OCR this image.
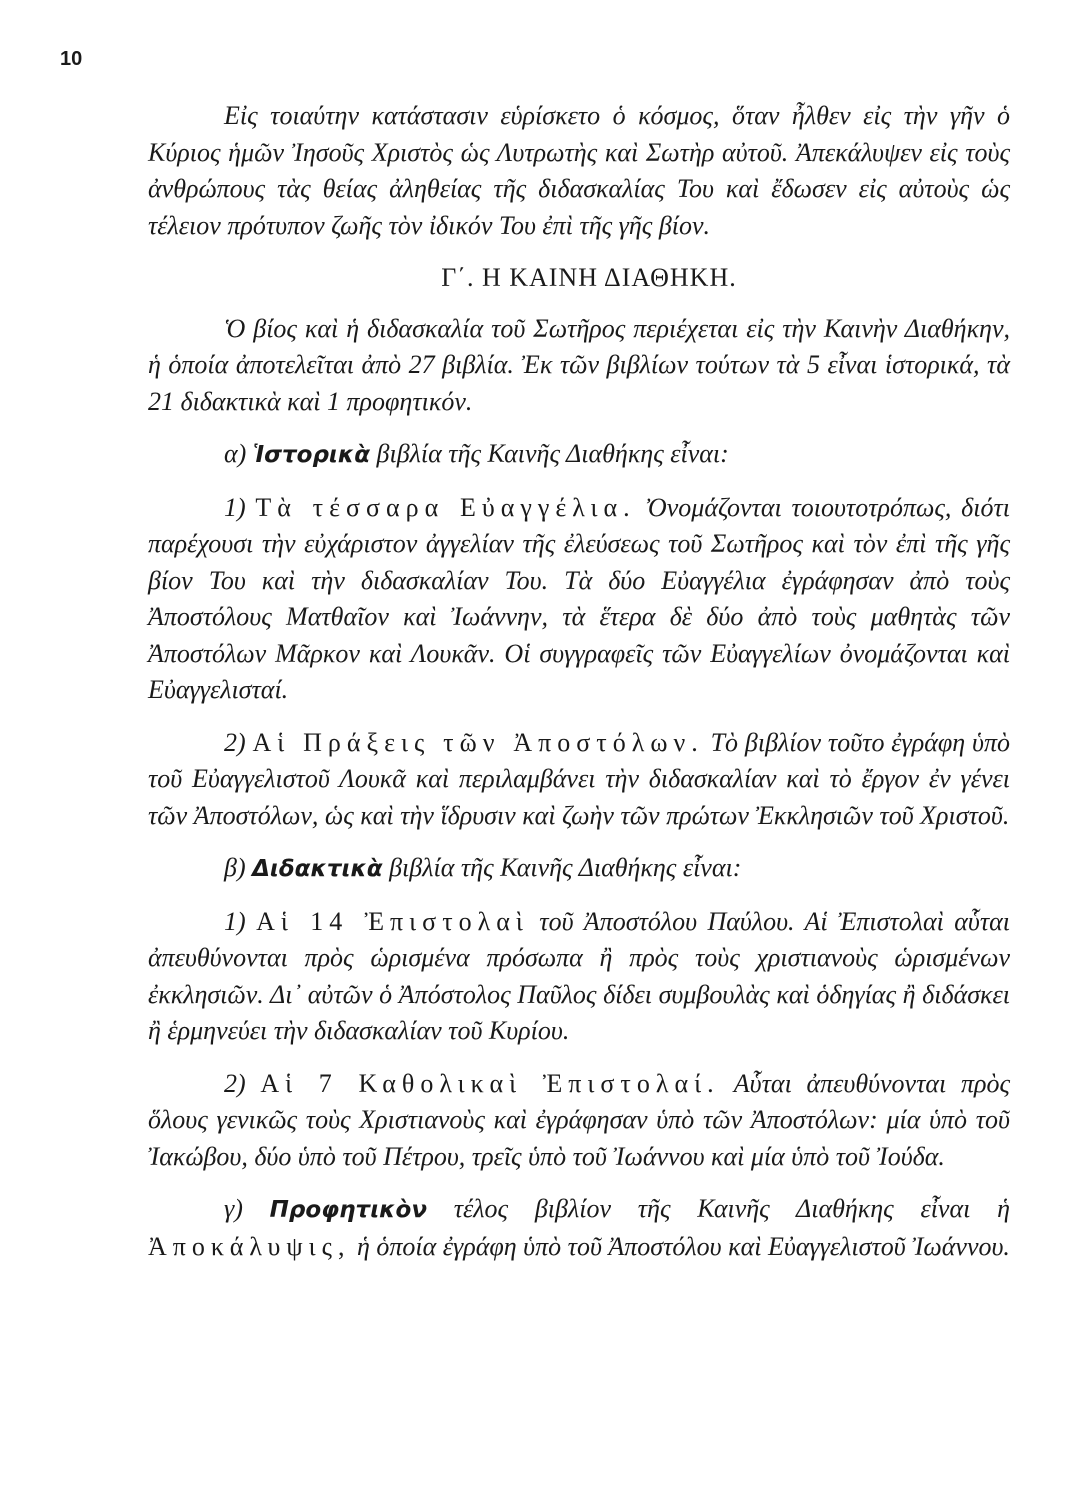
10

Εἰς τοιαύτην κατάστασιν εὑρίσκετο ὁ κόσμος, ὅταν ἦλθεν εἰς τὴν γῆν ὁ Κύριος ἡμῶν Ἰησοῦς Χριστὸς ὡς Λυτρωτὴς καὶ Σωτὴρ αὐτοῦ. Ἀπεκάλυψεν εἰς τοὺς ἀνθρώπους τὰς θείας ἀληθείας τῆς διδασκαλίας Του καὶ ἔδωσεν εἰς αὐτοὺς ὡς τέλειον πρότυπον ζωῆς τὸν ἰδικόν Του ἐπὶ τῆς γῆς βίον.

Γ΄. Η ΚΑΙΝΗ ΔΙΑΘΗΚΗ.

Ὁ βίος καὶ ἡ διδασκαλία τοῦ Σωτῆρος περιέχεται εἰς τὴν Καινὴν Διαθήκην, ἡ ὁποία ἀποτελεῖται ἀπὸ 27 βιβλία. Ἐκ τῶν βιβλίων τούτων τὰ 5 εἶναι ἱστορικά, τὰ 21 διδακτικὰ καὶ 1 προφητικόν.

α) Ἱστορικὰ βιβλία τῆς Καινῆς Διαθήκης εἶναι:

1) Τὰ τέσσαρα Εὐαγγέλια. Ὀνομάζονται τοιουτοτρόπως, διότι παρέχουσι τὴν εὐχάριστον ἀγγελίαν τῆς ἐλεύσεως τοῦ Σωτῆρος καὶ τὸν ἐπὶ τῆς γῆς βίον Του καὶ τὴν διδασκαλίαν Του. Τὰ δύο Εὐαγγέλια ἐγράφησαν ἀπὸ τοὺς Ἀποστόλους Ματθαῖον καὶ Ἰωάννην, τὰ ἕτερα δὲ δύο ἀπὸ τοὺς μαθητὰς τῶν Ἀποστόλων Μᾶρκον καὶ Λουκᾶν. Οἱ συγγραφεῖς τῶν Εὐαγγελίων ὀνομάζονται καὶ Εὐαγγελισταί.

2) Αἱ Πράξεις τῶν Ἀποστόλων. Τὸ βιβλίον τοῦτο ἐγράφη ὑπὸ τοῦ Εὐαγγελιστοῦ Λουκᾶ καὶ περιλαμβάνει τὴν διδασκαλίαν καὶ τὸ ἔργον ἐν γένει τῶν Ἀποστόλων, ὡς καὶ τὴν ἵδρυσιν καὶ ζωὴν τῶν πρώτων Ἐκκλησιῶν τοῦ Χριστοῦ.

β) Διδακτικὰ βιβλία τῆς Καινῆς Διαθήκης εἶναι:

1) Αἱ 14 Ἐπιστολαὶ τοῦ Ἀποστόλου Παύλου. Αἱ Ἐπιστολαὶ αὗται ἀπευθύνονται πρὸς ὡρισμένα πρόσωπα ἢ πρὸς τοὺς χριστιανοὺς ὡρισμένων ἐκκλησιῶν. Δι᾽ αὐτῶν ὁ Ἀπόστολος Παῦλος δίδει συμβουλὰς καὶ ὁδηγίας ἢ διδάσκει ἢ ἑρμηνεύει τὴν διδασκαλίαν τοῦ Κυρίου.

2) Αἱ 7 Καθολικαὶ Ἐπιστολαί. Αὗται ἀπευθύνονται πρὸς ὅλους γενικῶς τοὺς Χριστιανοὺς καὶ ἐγράφησαν ὑπὸ τῶν Ἀποστόλων: μία ὑπὸ τοῦ Ἰακώβου, δύο ὑπὸ τοῦ Πέτρου, τρεῖς ὑπὸ τοῦ Ἰωάννου καὶ μία ὑπὸ τοῦ Ἰούδα.

γ) Προφητικὸν τέλος βιβλίον τῆς Καινῆς Διαθήκης εἶναι ἡ Ἀποκάλυψις, ἡ ὁποία ἐγράφη ὑπὸ τοῦ Ἀποστόλου καὶ Εὐαγγελιστοῦ Ἰωάννου.
